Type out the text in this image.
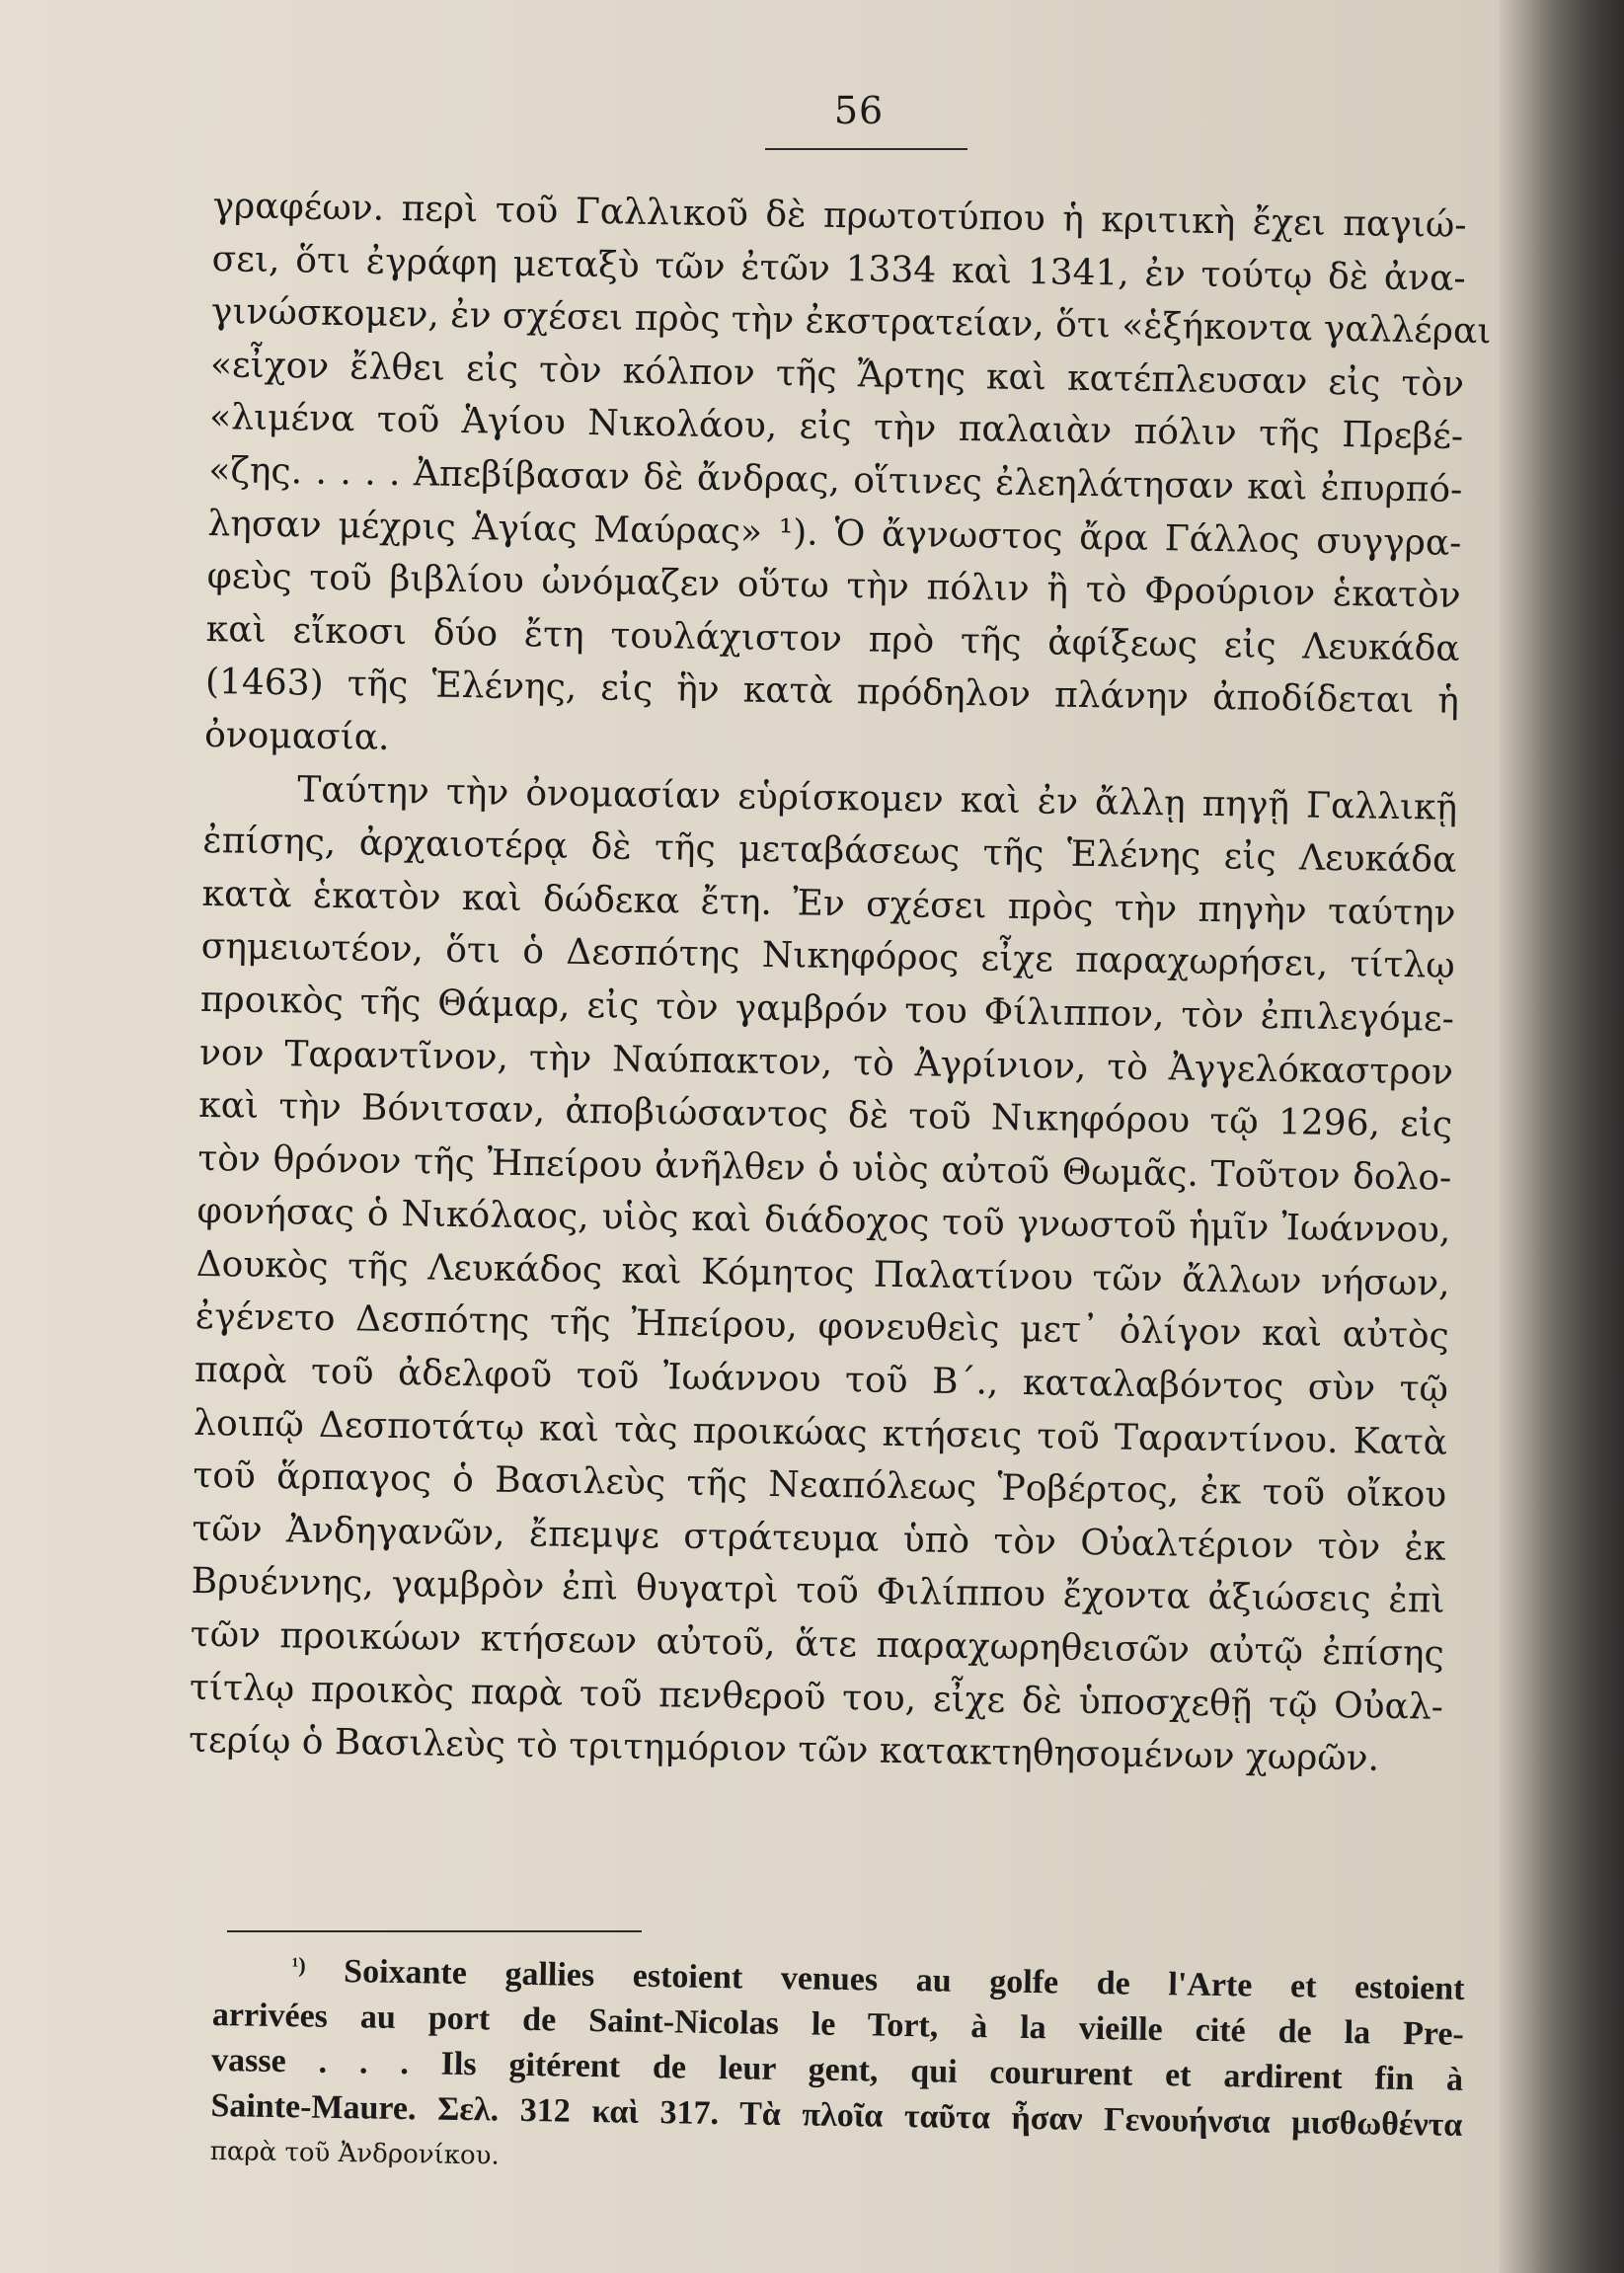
56
γραφέων. περὶ τοῦ Γαλλικοῦ δὲ πρωτοτύπου ἡ κριτικὴ ἔχει παγιώ-
σει, ὅτι ἐγράφη μεταξὺ τῶν ἐτῶν 1334 καὶ 1341, ἐν τούτῳ δὲ ἀνα-
γινώσκομεν, ἐν σχέσει πρὸς τὴν ἐκστρατείαν, ὅτι «ἑξήκοντα γαλλέραι
«εἶχον ἔλθει εἰς τὸν κόλπον τῆς Ἄρτης καὶ κατέπλευσαν εἰς τὸν
«λιμένα τοῦ Ἁγίου Νικολάου, εἰς τὴν παλαιὰν πόλιν τῆς Πρεβέ-
«ζης. . . . . Ἀπεβίβασαν δὲ ἄνδρας, οἵτινες ἐλεηλάτησαν καὶ ἐπυρπό-
λησαν μέχρις Ἁγίας Μαύρας» ¹). Ὁ ἄγνωστος ἄρα Γάλλος συγγρα-
φεὺς τοῦ βιβλίου ὠνόμαζεν οὕτω τὴν πόλιν ἢ τὸ Φρούριον ἑκατὸν
καὶ εἴκοσι δύο ἔτη τουλάχιστον πρὸ τῆς ἀφίξεως εἰς Λευκάδα
(1463) τῆς Ἑλένης, εἰς ἣν κατὰ πρόδηλον πλάνην ἀποδίδεται ἡ
ὀνομασία.
Ταύτην τὴν ὀνομασίαν εὑρίσκομεν καὶ ἐν ἄλλῃ πηγῇ Γαλλικῇ
ἐπίσης, ἀρχαιοτέρᾳ δὲ τῆς μεταβάσεως τῆς Ἑλένης εἰς Λευκάδα
κατὰ ἑκατὸν καὶ δώδεκα ἔτη. Ἐν σχέσει πρὸς τὴν πηγὴν ταύτην
σημειωτέον, ὅτι ὁ Δεσπότης Νικηφόρος εἶχε παραχωρήσει, τίτλῳ
προικὸς τῆς Θάμαρ, εἰς τὸν γαμβρόν του Φίλιππον, τὸν ἐπιλεγόμε-
νον Ταραντῖνον, τὴν Ναύπακτον, τὸ Ἀγρίνιον, τὸ Ἀγγελόκαστρον
καὶ τὴν Βόνιτσαν, ἀποβιώσαντος δὲ τοῦ Νικηφόρου τῷ 1296, εἰς
τὸν θρόνον τῆς Ἠπείρου ἀνῆλθεν ὁ υἱὸς αὐτοῦ Θωμᾶς. Τοῦτον δολο-
φονήσας ὁ Νικόλαος, υἱὸς καὶ διάδοχος τοῦ γνωστοῦ ἡμῖν Ἰωάννου,
Δουκὸς τῆς Λευκάδος καὶ Κόμητος Παλατίνου τῶν ἄλλων νήσων,
ἐγένετο Δεσπότης τῆς Ἠπείρου, φονευθεὶς μετ᾽ ὀλίγον καὶ αὐτὸς
παρὰ τοῦ ἀδελφοῦ τοῦ Ἰωάννου τοῦ Β΄., καταλαβόντος σὺν τῷ
λοιπῷ Δεσποτάτῳ καὶ τὰς προικώας κτήσεις τοῦ Ταραντίνου. Κατὰ
τοῦ ἅρπαγος ὁ Βασιλεὺς τῆς Νεαπόλεως Ῥοβέρτος, ἐκ τοῦ οἴκου
τῶν Ἀνδηγανῶν, ἔπεμψε στράτευμα ὑπὸ τὸν Οὐαλτέριον τὸν ἐκ
Βρυέννης, γαμβρὸν ἐπὶ θυγατρὶ τοῦ Φιλίππου ἔχοντα ἀξιώσεις ἐπὶ
τῶν προικώων κτήσεων αὐτοῦ, ἅτε παραχωρηθεισῶν αὐτῷ ἐπίσης
τίτλῳ προικὸς παρὰ τοῦ πενθεροῦ του, εἶχε δὲ ὑποσχεθῇ τῷ Οὐαλ-
τερίῳ ὁ Βασιλεὺς τὸ τριτημόριον τῶν κατακτηθησομένων χωρῶν.
$^{^1)}$ Soixante gallies estoient venues au golfe de l'Arte et estoient
arrivées au port de Saint-Nicolas le Tort, à la vieille cité de la Pre-
vasse . . . Ils gitérent de leur gent, qui coururent et ardirent fin à
Sainte-Maure. Σελ. 312 καὶ 317. Τὰ πλοῖα ταῦτα ἦσαν Γενουήνσια μισθωθέντα
παρὰ τοῦ Ἀνδρονίκου.
